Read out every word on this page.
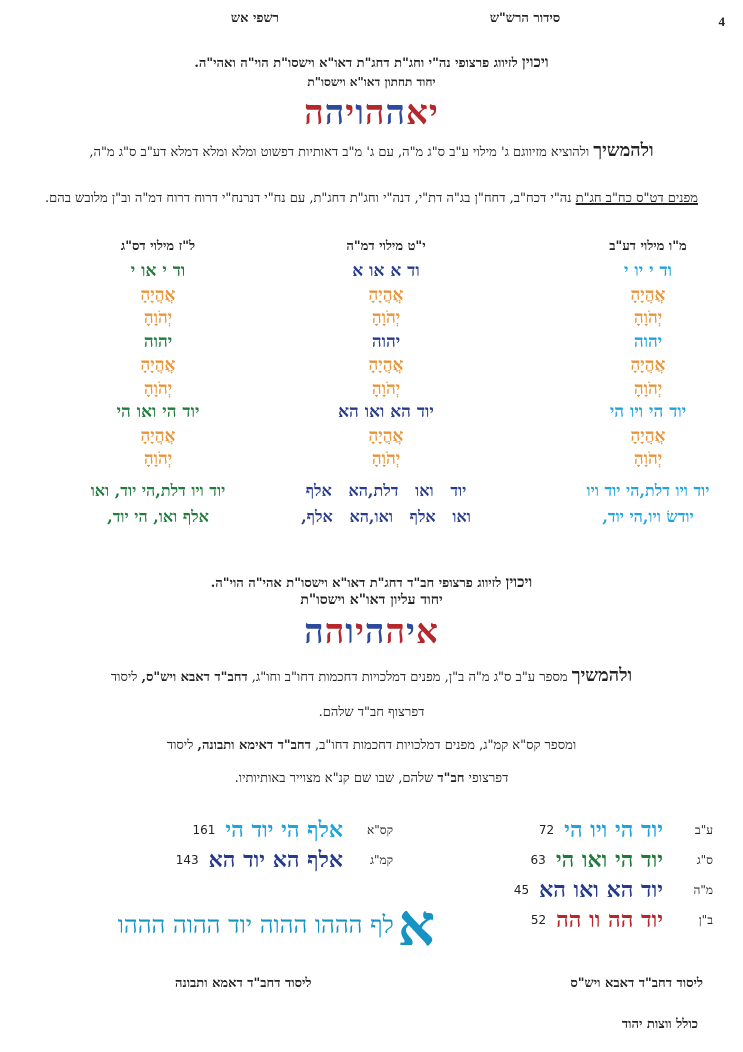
4
סידור הרש"ש
רשפי אש
ויכוין לזיווג פרצופי נה"י וחג"ת דחג"ת דאו"א וישסו"ת הוי"ה ואהי"ה.
יחוד תחתון דאו"א וישסו"ת
יאההויהה
ולהמשיך ולהוציא מזיווגם ג' מילוי ע"ב ס"ג מ"ה, עם ג' מ"ב דאותיות דפשוט ומלא ומלא דמלא דע"ב ס"ג מ"ה,
מפנים דט"ס כח"ב חג"ת נה"י דכח"ב, דחח"ן בג"ה דת"י, דנה"י וחג"ת דחג"ת, עם נח"י דנרנח"י דרוח דרוח דמ"ה וב"ן מלובש בהם.
מ"ו מילוי דע"ב
וד י יו י
אֲהֲיָהָ
יְהֹוָהָ
יהוה
אֲהֲיָהָ
יְהֹוָהָ
יוד הי ויו הי
אֲהֲיָהָ
יְהֹוָהָ
יוד ויו דלת,הי יוד ויו
יודשׂ ויו,הי יוד,
י"ט מילוי דמ"ה
וד א או א
אֲהֲיָהָ
יְהֹוָהָ
יהוה
אֲהֲיָהָ
יְהֹוָהָ
יוד הא ואו הא
אֲהֲיָהָ
יְהֹוָהָ
יוד   ואו   דלת,הא   אלף
ואו   אלף   ואו,הא   אלף,
ל"ז מילוי דס"ג
וד י או י
אֲהֲיָהָ
יְהֹוָהָ
יהוה
אֲהֲיָהָ
יְהֹוָהָ
יוד הי ואו הי
אֲהֲיָהָ
יְהֹוָהָ
יוד ויו דלת,הי יוד, ואו
אלף ואו, הי יוד,
ויכוין לזיווג פרצופי חב"ד דחג"ת דאו"א וישסו"ת אהי"ה הוי"ה.
יחוד עליון דאו"א וישסו"ת
איההיוהה
ולהמשיך מספר ע"ב ס"ג מ"ה ב"ן, מפנים דמלכויות דחכמות דחו"ב וחו"ג, דחב"ד דאבא ויש"ס, ליסוד
דפרצוף חב"ד שלהם.
ומספר קס"א קמ"ג, מפנים דמלכויות דחכמות דחו"ב, דחב"ד דאימא ותבונה, ליסוד
דפרצופי חב"ד שלהם, שבו שם קנ"א מצוייר באותיותיו.
ע"ב
יוד הי ויו הי
72
ס"ג
יוד הי ואו הי
63
מ"ה
יוד הא ואו הא
45
ב"ן
יוד הה וו הה
52
קס"א
אלף הי יוד הי
161
קמ"ג
אלף הא יוד הא
143
א
לף הההו ההוה יוד ההוה הההו
ליסוד דחב"ד דאבא ויש"ס
ליסוד דחב"ד דאמא ותבונה
כולל ווצות יהוד
